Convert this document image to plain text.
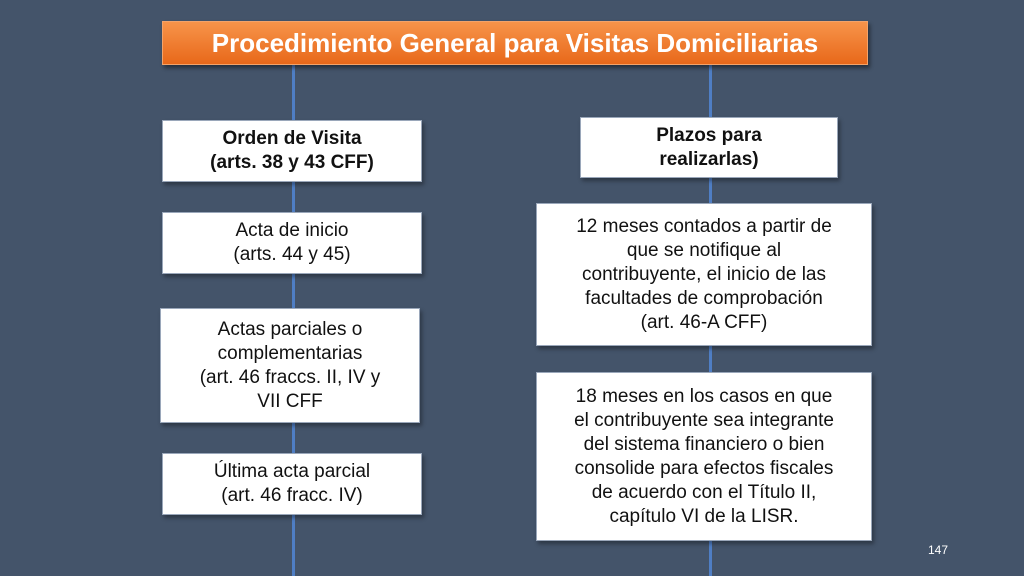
Procedimiento General para Visitas Domiciliarias
Orden de Visita
(arts. 38 y 43 CFF)
Acta de inicio
(arts. 44 y 45)
Actas parciales o
complementarias
(art. 46 fraccs. II, IV y
VII CFF
Última acta parcial
(art. 46 fracc. IV)
Plazos para
realizarlas)
12 meses contados a partir de
que se notifique al
contribuyente, el inicio de las
facultades de comprobación
(art. 46-A CFF)
18 meses en los casos en que
el contribuyente sea integrante
del sistema financiero o bien
consolide para efectos fiscales
de acuerdo con el Título II,
capítulo VI de la LISR.
147
